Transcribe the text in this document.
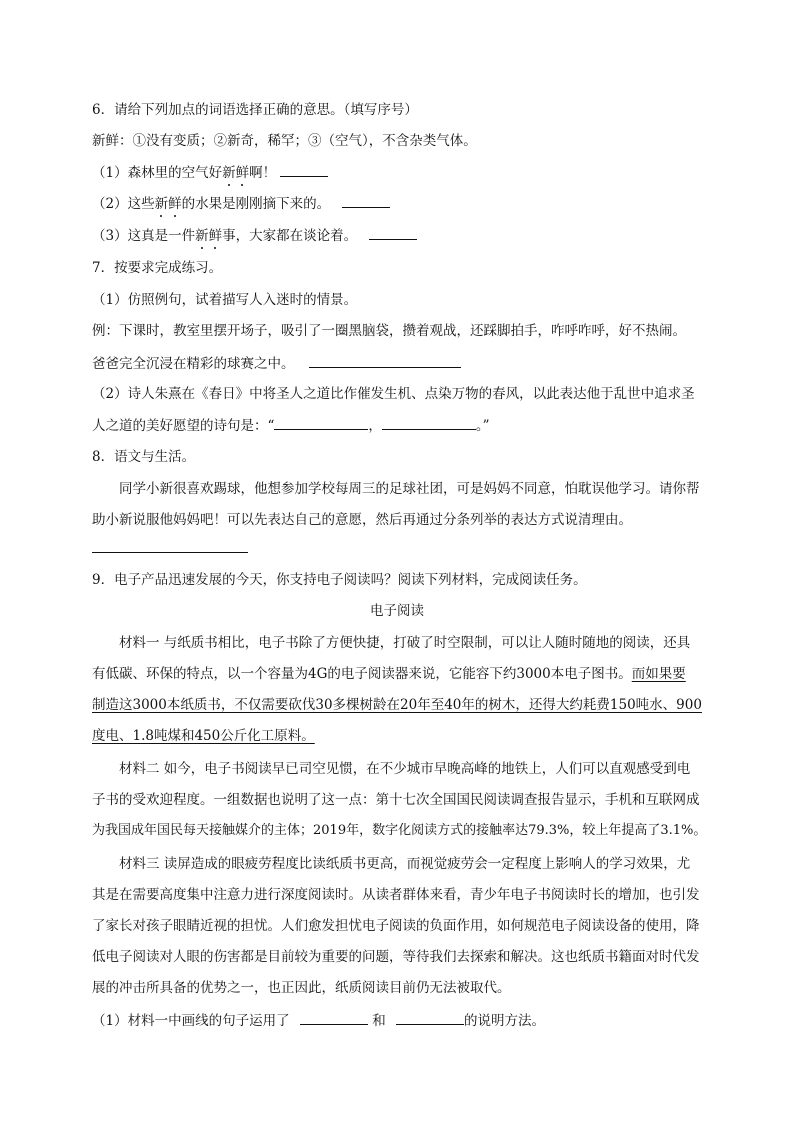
6．请给下列加点的词语选择正确的意思。（填写序号）
新鲜：①没有变质；②新奇，稀罕；③（空气），不含杂类气体。
（1）森林里的空气好新鲜啊！
（2）这些新鲜的水果是刚刚摘下来的。
（3）这真是一件新鲜事，大家都在谈论着。
7．按要求完成练习。
（1）仿照例句，试着描写人入迷时的情景。
例：下课时，教室里摆开场子，吸引了一圈黑脑袋，攒着观战，还踩脚拍手，咋呼咋呼，好不热闹。
爸爸完全沉浸在精彩的球赛之中。
（2）诗人朱熹在《春日》中将圣人之道比作催发生机、点染万物的春风，以此表达他于乱世中追求圣
人之道的美好愿望的诗句是：“	，	。”
8．语文与生活。
同学小新很喜欢踢球，他想参加学校每周三的足球社团，可是妈妈不同意，怕耽误他学习。请你帮
助小新说服他妈妈吧！可以先表达自己的意愿，然后再通过分条列举的表达方式说清理由。
9．电子产品迅速发展的今天，你支持电子阅读吗？阅读下列材料，完成阅读任务。
电子阅读
材料一 与纸质书相比，电子书除了方便快捷，打破了时空限制，可以让人随时随地的阅读，还具
有低碳、环保的特点，以一个容量为4G的电子阅读器来说，它能容下约3000本电子图书。而如果要
制造这3000本纸质书，不仅需要砍伐30多棵树龄在20年至40年的树木，还得大约耗费150吨水、900
度电、1.8吨煤和450公斤化工原料。
材料二 如今，电子书阅读早已司空见惯，在不少城市早晚高峰的地铁上，人们可以直观感受到电
子书的受欢迎程度。一组数据也说明了这一点：第十七次全国国民阅读调查报告显示，手机和互联网成
为我国成年国民每天接触媒介的主体；2019年，数字化阅读方式的接触率达79.3%，较上年提高了3.1%。
材料三 读屏造成的眼疲劳程度比读纸质书更高，而视觉疲劳会一定程度上影响人的学习效果，尤
其是在需要高度集中注意力进行深度阅读时。从读者群体来看，青少年电子书阅读时长的增加，也引发
了家长对孩子眼睛近视的担忧。人们愈发担忧电子阅读的负面作用，如何规范电子阅读设备的使用，降
低电子阅读对人眼的伤害都是目前较为重要的问题，等待我们去探索和解决。这也纸质书籍面对时代发
展的冲击所具备的优势之一，也正因此，纸质阅读目前仍无法被取代。
（1）材料一中画线的句子运用了	和	的说明方法。
